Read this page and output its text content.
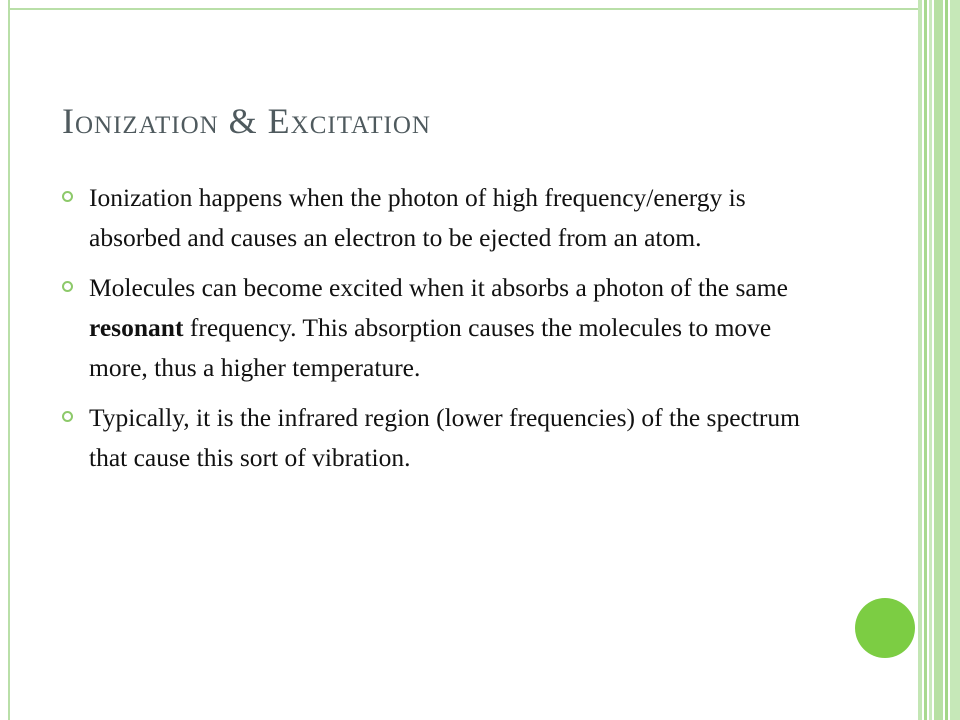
Ionization & Excitation
Ionization happens when the photon of high frequency/energy is absorbed and causes an electron to be ejected from an atom.
Molecules can become excited when it absorbs a photon of the same resonant frequency. This absorption causes the molecules to move more, thus a higher temperature.
Typically, it is the infrared region (lower frequencies) of the spectrum that cause this sort of vibration.
